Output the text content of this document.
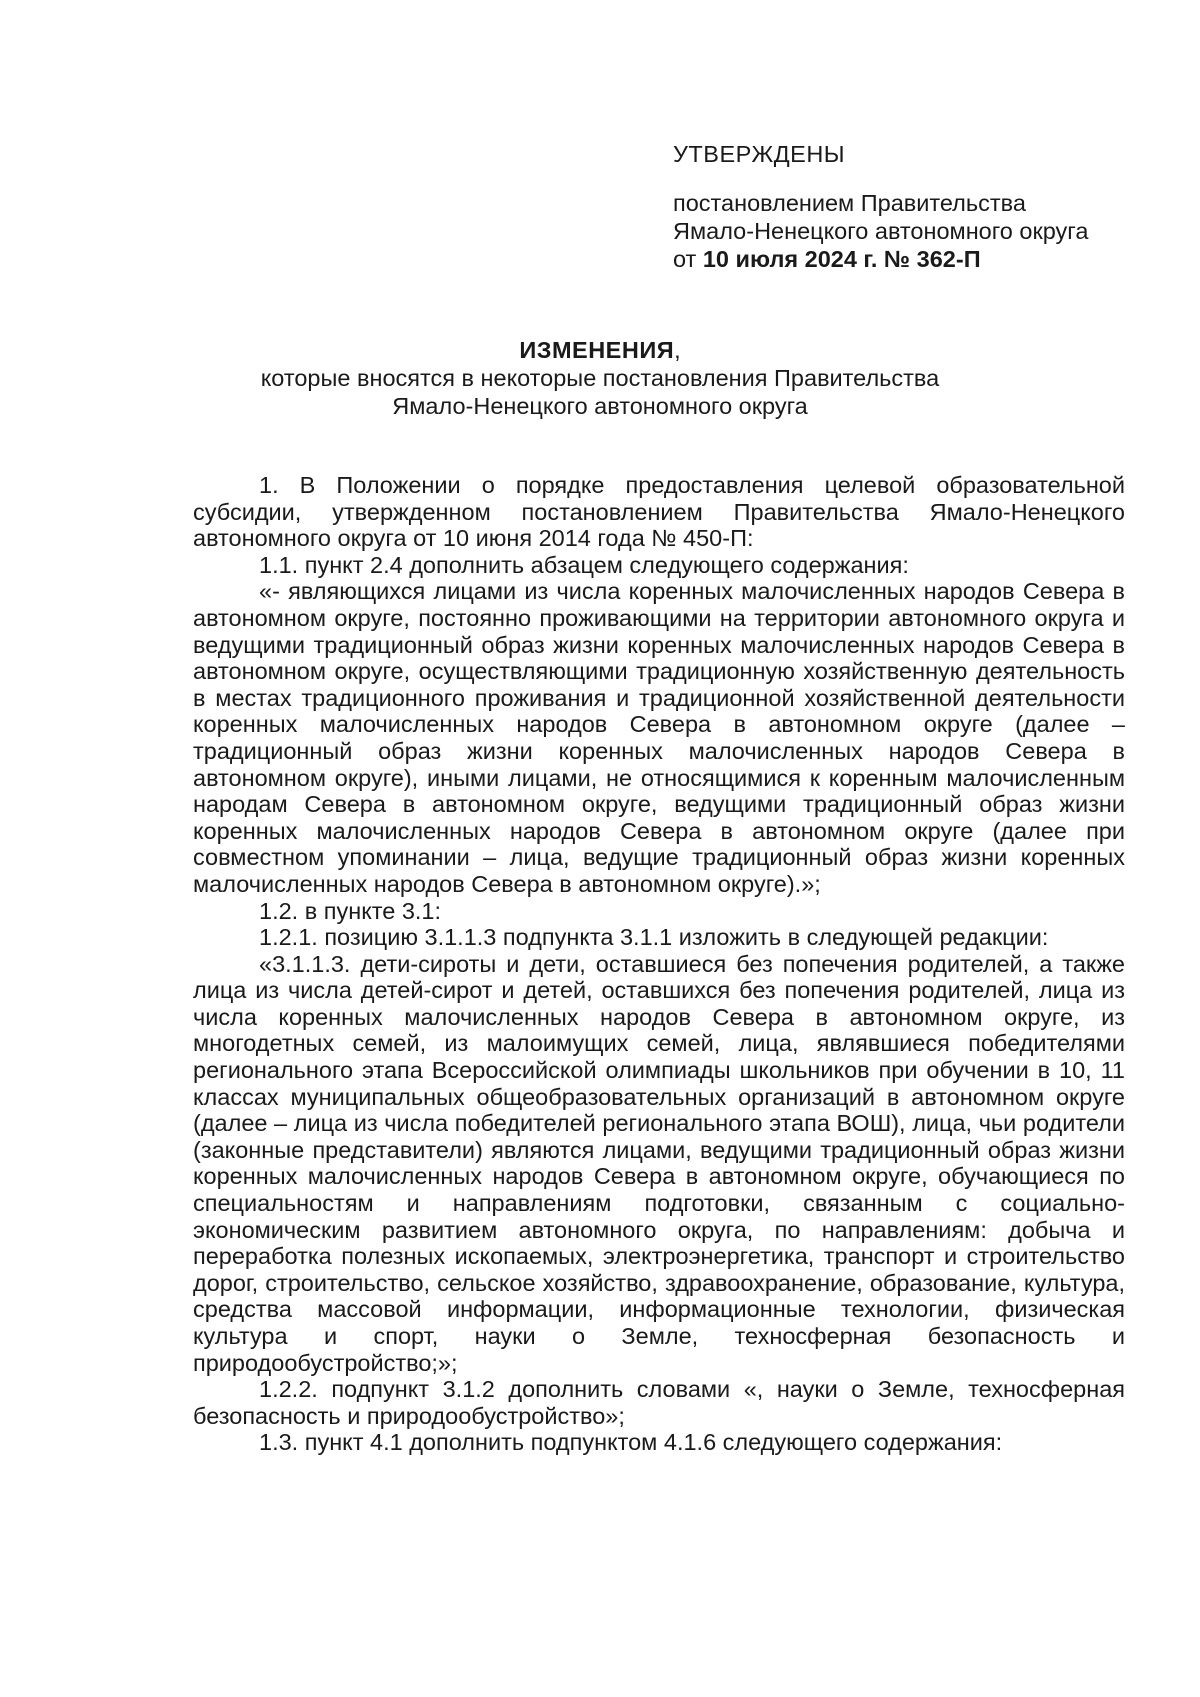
УТВЕРЖДЕНЫ
постановлением Правительства
Ямало-Ненецкого автономного округа
от 10 июля 2024 г. № 362-П
ИЗМЕНЕНИЯ,
которые вносятся в некоторые постановления Правительства
Ямало-Ненецкого автономного округа

1. В Положении о порядке предоставления целевой образовательной субсидии, утвержденном постановлением Правительства Ямало-Ненецкого автономного округа от 10 июня 2014 года № 450-П:

1.1. пункт 2.4 дополнить абзацем следующего содержания:

«- являющихся лицами из числа коренных малочисленных народов Севера в автономном округе, постоянно проживающими на территории автономного округа и ведущими традиционный образ жизни коренных малочисленных народов Севера в автономном округе, осуществляющими традиционную хозяйственную деятельность в местах традиционного проживания и традиционной хозяйственной деятельности коренных малочисленных народов Севера в автономном округе (далее – традиционный образ жизни коренных малочисленных народов Севера в автономном округе), иными лицами, не относящимися к коренным малочисленным народам Севера в автономном округе, ведущими традиционный образ жизни коренных малочисленных народов Севера в автономном округе (далее при совместном упоминании – лица, ведущие традиционный образ жизни коренных малочисленных народов Севера в автономном округе).»;

1.2. в пункте 3.1:

1.2.1. позицию 3.1.1.3 подпункта 3.1.1 изложить в следующей редакции:

«3.1.1.3. дети-сироты и дети, оставшиеся без попечения родителей, а также лица из числа детей-сирот и детей, оставшихся без попечения родителей, лица из числа коренных малочисленных народов Севера в автономном округе, из многодетных семей, из малоимущих семей, лица, являвшиеся победителями регионального этапа Всероссийской олимпиады школьников при обучении в 10, 11 классах муниципальных общеобразовательных организаций в автономном округе (далее – лица из числа победителей регионального этапа ВОШ), лица, чьи родители (законные представители) являются лицами, ведущими традиционный образ жизни коренных малочисленных народов Севера в автономном округе, обучающиеся по специальностям и направлениям подготовки, связанным с социально-экономическим развитием автономного округа, по направлениям: добыча и переработка полезных ископаемых, электроэнергетика, транспорт и строительство дорог, строительство, сельское хозяйство, здравоохранение, образование, культура, средства массовой информации, информационные технологии, физическая культура и спорт, науки о Земле, техносферная безопасность и природообустройство;»;

1.2.2. подпункт 3.1.2 дополнить словами «, науки о Земле, техносферная безопасность и природообустройство»;

1.3. пункт 4.1 дополнить подпунктом 4.1.6 следующего содержания:
